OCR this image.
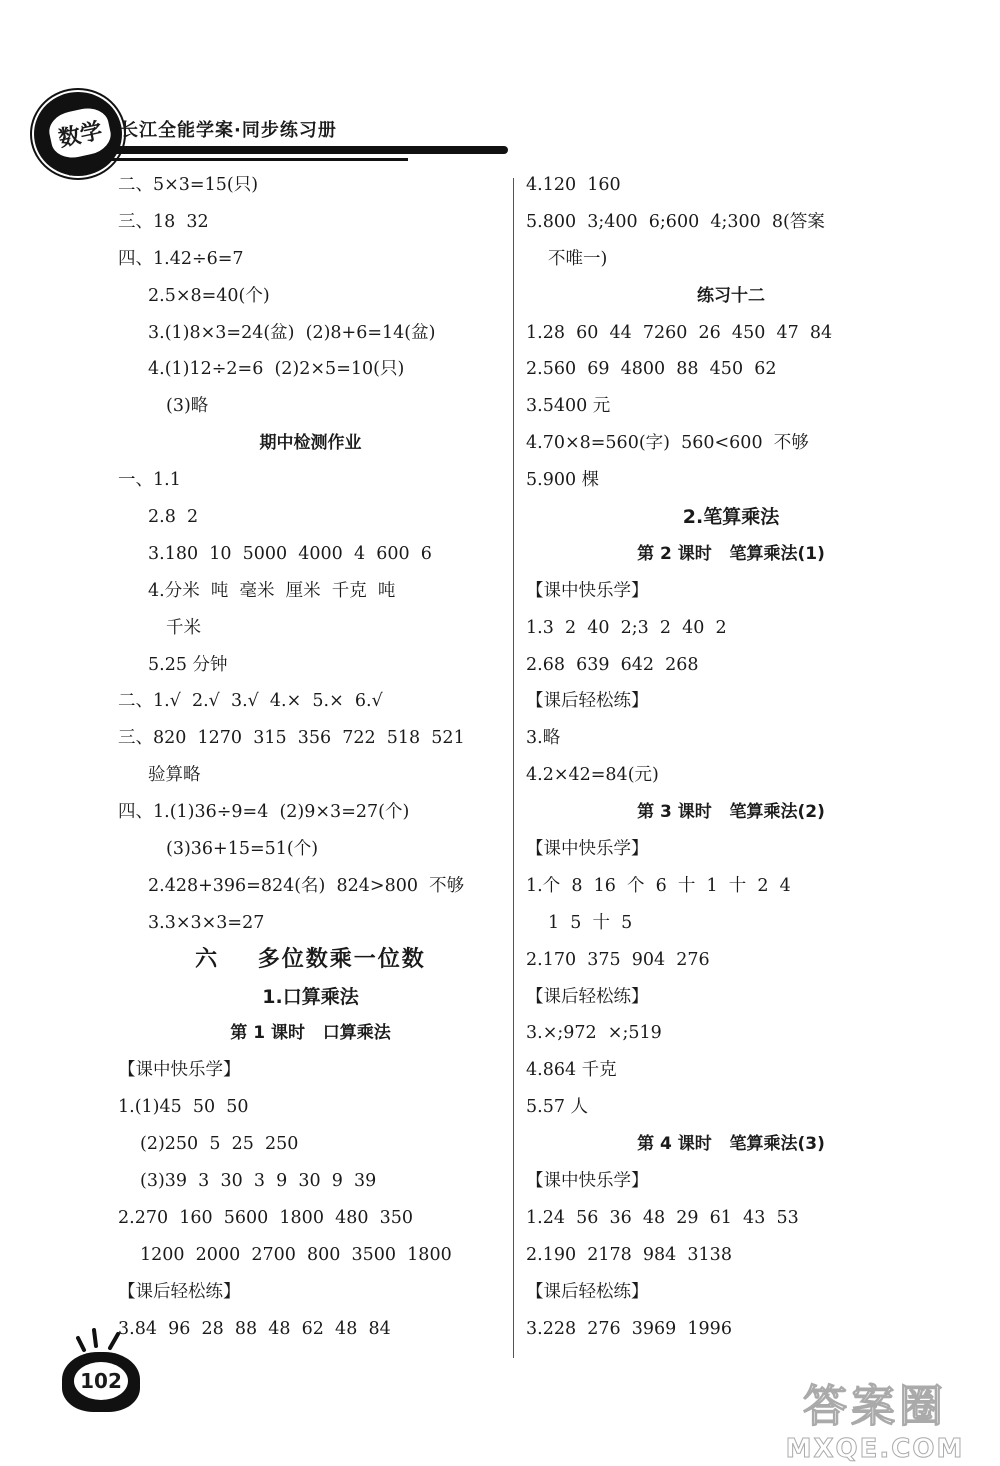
数学 长江全能学案·同步练习册
二、5×3=15(只)
三、18  32
四、1.42÷6=7
2.5×8=40(个)
3.(1)8×3=24(盆)  (2)8+6=14(盆)
4.(1)12÷2=6  (2)2×5=10(只)
(3)略
期中检测作业
一、1.1
2.8  2
3.180  10  5000  4000  4  600  6
4.分米  吨  毫米  厘米  千克  吨
千米
5.25 分钟
二、1.√  2.√  3.√  4.×  5.×  6.√
三、820  1270  315  356  722  518  521
验算略
四、1.(1)36÷9=4  (2)9×3=27(个)
(3)36+15=51(个)
2.428+396=824(名)  824>800  不够
3.3×3×3=27
六    多位数乘一位数
1.口算乘法
第 1 课时   口算乘法
【课中快乐学】
1.(1)45  50  50
(2)250  5  25  250
(3)39  3  30  3  9  30  9  39
2.270  160  5600  1800  480  350
1200  2000  2700  800  3500  1800
【课后轻松练】
3.84  96  28  88  48  62  48  84
4.120  160
5.800  3;400  6;600  4;300  8(答案
不唯一)
练习十二
1.28  60  44  7260  26  450  47  84
2.560  69  4800  88  450  62
3.5400 元
4.70×8=560(字)  560<600  不够
5.900 棵
2.笔算乘法
第 2 课时   笔算乘法(1)
【课中快乐学】
1.3  2  40  2;3  2  40  2
2.68  639  642  268
【课后轻松练】
3.略
4.2×42=84(元)
第 3 课时   笔算乘法(2)
【课中快乐学】
1.个  8  16  个  6  十  1  十  2  4
1  5  十  5
2.170  375  904  276
【课后轻松练】
3.×;972  ×;519
4.864 千克
5.57 人
第 4 课时   笔算乘法(3)
【课中快乐学】
1.24  56  36  48  29  61  43  53
2.190  2178  984  3138
【课后轻松练】
3.228  276  3969  1996
102	答案圈
MXQE.COM
